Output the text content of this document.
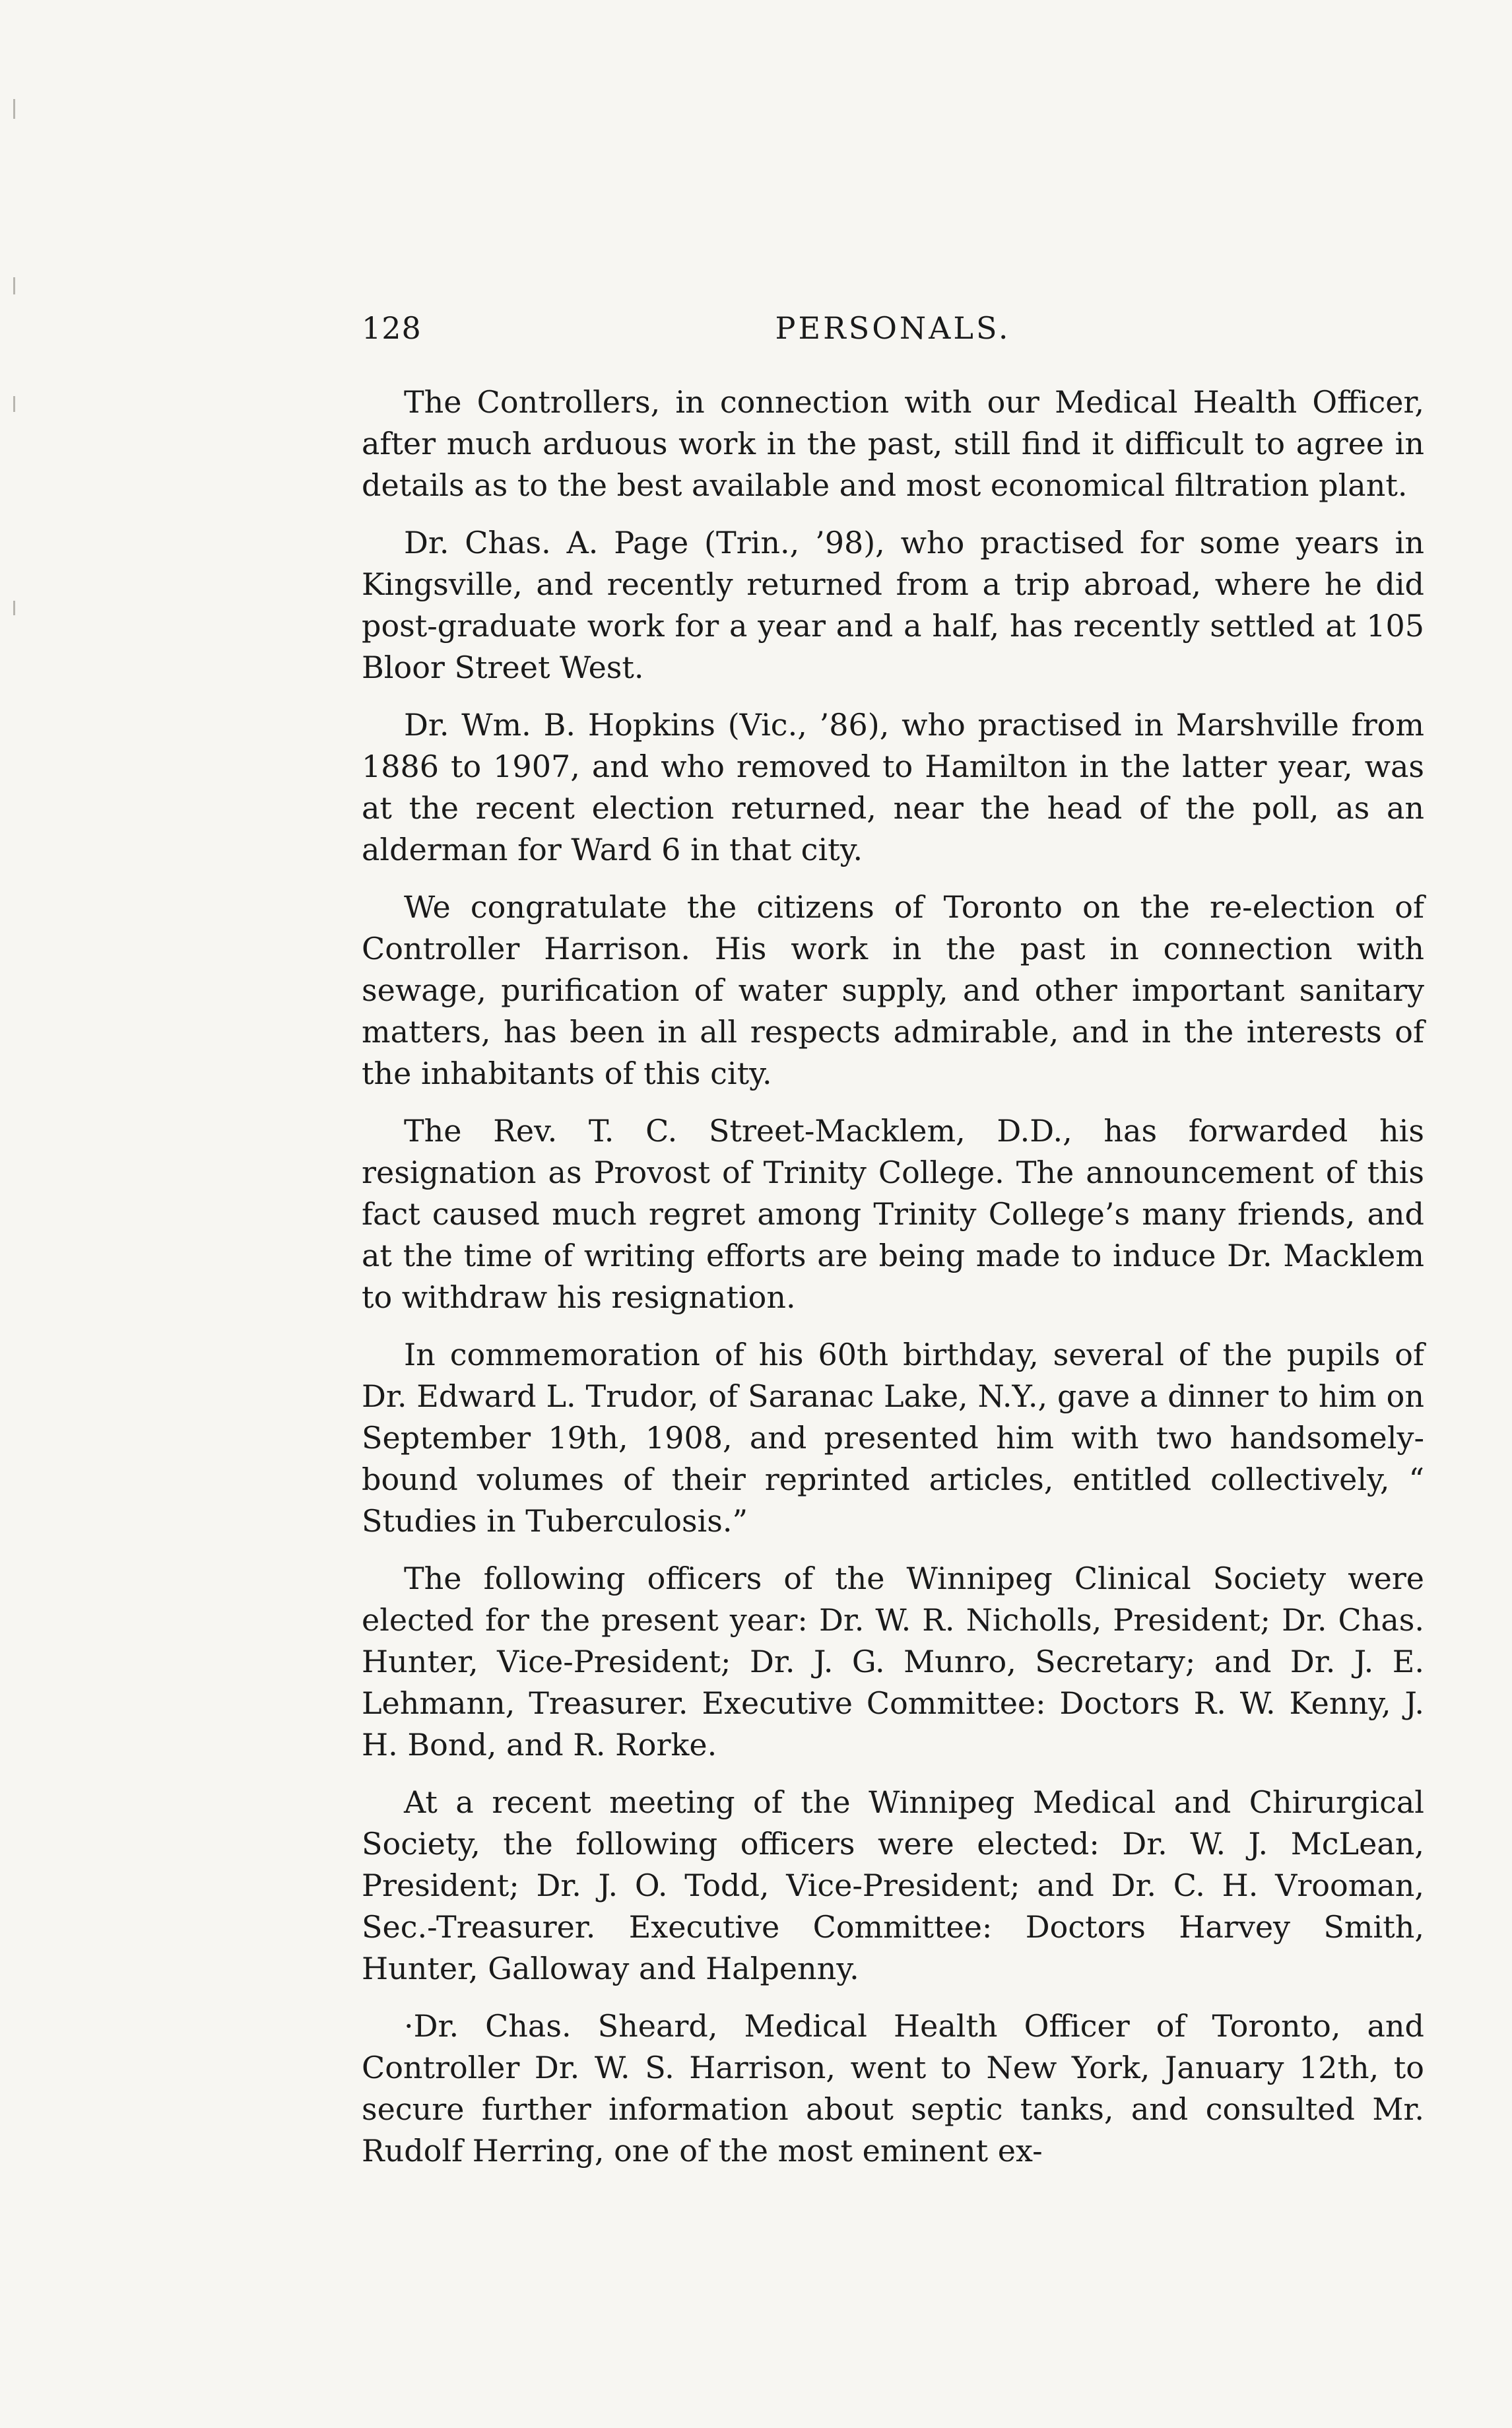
128	PERSONALS.

The Controllers, in connection with our Medical Health Officer, after much arduous work in the past, still find it difficult to agree in details as to the best available and most economical filtration plant.

Dr. Chas. A. Page (Trin., ’98), who practised for some years in Kingsville, and recently returned from a trip abroad, where he did post-graduate work for a year and a half, has recently settled at 105 Bloor Street West.

Dr. Wm. B. Hopkins (Vic., ’86), who practised in Marshville from 1886 to 1907, and who removed to Hamilton in the latter year, was at the recent election returned, near the head of the poll, as an alderman for Ward 6 in that city.

We congratulate the citizens of Toronto on the re-election of Controller Harrison. His work in the past in connection with sewage, purification of water supply, and other important sanitary matters, has been in all respects admirable, and in the interests of the inhabitants of this city.

The Rev. T. C. Street-Macklem, D.D., has forwarded his resignation as Provost of Trinity College. The announcement of this fact caused much regret among Trinity College’s many friends, and at the time of writing efforts are being made to induce Dr. Macklem to withdraw his resignation.

In commemoration of his 60th birthday, several of the pupils of Dr. Edward L. Trudor, of Saranac Lake, N.Y., gave a dinner to him on September 19th, 1908, and presented him with two handsomely-bound volumes of their reprinted articles, entitled collectively, “ Studies in Tuberculosis.”

The following officers of the Winnipeg Clinical Society were elected for the present year: Dr. W. R. Nicholls, President; Dr. Chas. Hunter, Vice-President; Dr. J. G. Munro, Secretary; and Dr. J. E. Lehmann, Treasurer. Executive Committee: Doctors R. W. Kenny, J. H. Bond, and R. Rorke.

At a recent meeting of the Winnipeg Medical and Chirurgical Society, the following officers were elected: Dr. W. J. McLean, President; Dr. J. O. Todd, Vice-President; and Dr. C. H. Vrooman, Sec.-Treasurer. Executive Committee: Doctors Harvey Smith, Hunter, Galloway and Halpenny.

·Dr. Chas. Sheard, Medical Health Officer of Toronto, and Controller Dr. W. S. Harrison, went to New York, January 12th, to secure further information about septic tanks, and consulted Mr. Rudolf Herring, one of the most eminent ex-
